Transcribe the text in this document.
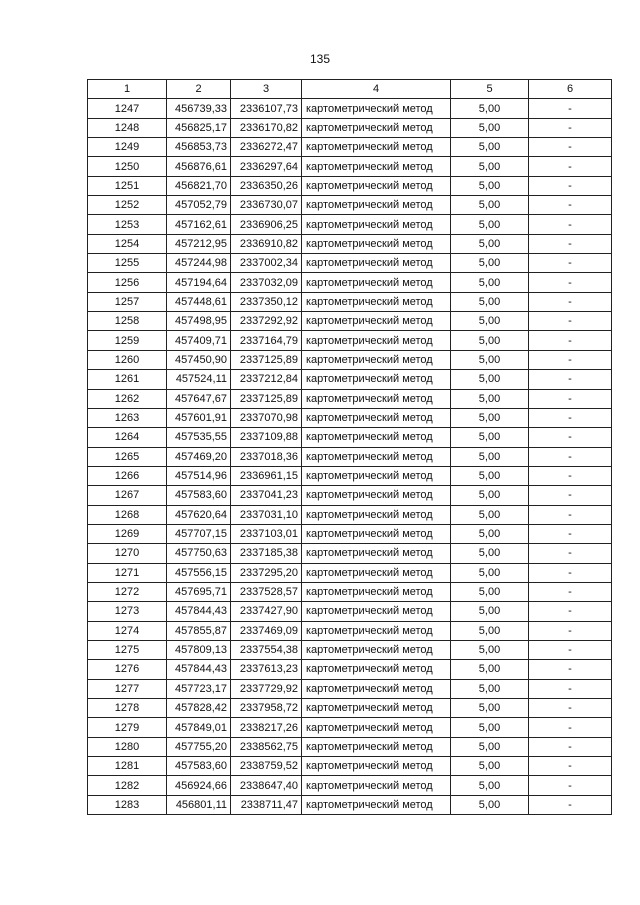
135
1	2	3	4	5	6
1247	456739,33	2336107,73	картометрический метод	5,00	-
1248	456825,17	2336170,82	картометрический метод	5,00	-
1249	456853,73	2336272,47	картометрический метод	5,00	-
1250	456876,61	2336297,64	картометрический метод	5,00	-
1251	456821,70	2336350,26	картометрический метод	5,00	-
1252	457052,79	2336730,07	картометрический метод	5,00	-
1253	457162,61	2336906,25	картометрический метод	5,00	-
1254	457212,95	2336910,82	картометрический метод	5,00	-
1255	457244,98	2337002,34	картометрический метод	5,00	-
1256	457194,64	2337032,09	картометрический метод	5,00	-
1257	457448,61	2337350,12	картометрический метод	5,00	-
1258	457498,95	2337292,92	картометрический метод	5,00	-
1259	457409,71	2337164,79	картометрический метод	5,00	-
1260	457450,90	2337125,89	картометрический метод	5,00	-
1261	457524,11	2337212,84	картометрический метод	5,00	-
1262	457647,67	2337125,89	картометрический метод	5,00	-
1263	457601,91	2337070,98	картометрический метод	5,00	-
1264	457535,55	2337109,88	картометрический метод	5,00	-
1265	457469,20	2337018,36	картометрический метод	5,00	-
1266	457514,96	2336961,15	картометрический метод	5,00	-
1267	457583,60	2337041,23	картометрический метод	5,00	-
1268	457620,64	2337031,10	картометрический метод	5,00	-
1269	457707,15	2337103,01	картометрический метод	5,00	-
1270	457750,63	2337185,38	картометрический метод	5,00	-
1271	457556,15	2337295,20	картометрический метод	5,00	-
1272	457695,71	2337528,57	картометрический метод	5,00	-
1273	457844,43	2337427,90	картометрический метод	5,00	-
1274	457855,87	2337469,09	картометрический метод	5,00	-
1275	457809,13	2337554,38	картометрический метод	5,00	-
1276	457844,43	2337613,23	картометрический метод	5,00	-
1277	457723,17	2337729,92	картометрический метод	5,00	-
1278	457828,42	2337958,72	картометрический метод	5,00	-
1279	457849,01	2338217,26	картометрический метод	5,00	-
1280	457755,20	2338562,75	картометрический метод	5,00	-
1281	457583,60	2338759,52	картометрический метод	5,00	-
1282	456924,66	2338647,40	картометрический метод	5,00	-
1283	456801,11	2338711,47	картометрический метод	5,00	-
